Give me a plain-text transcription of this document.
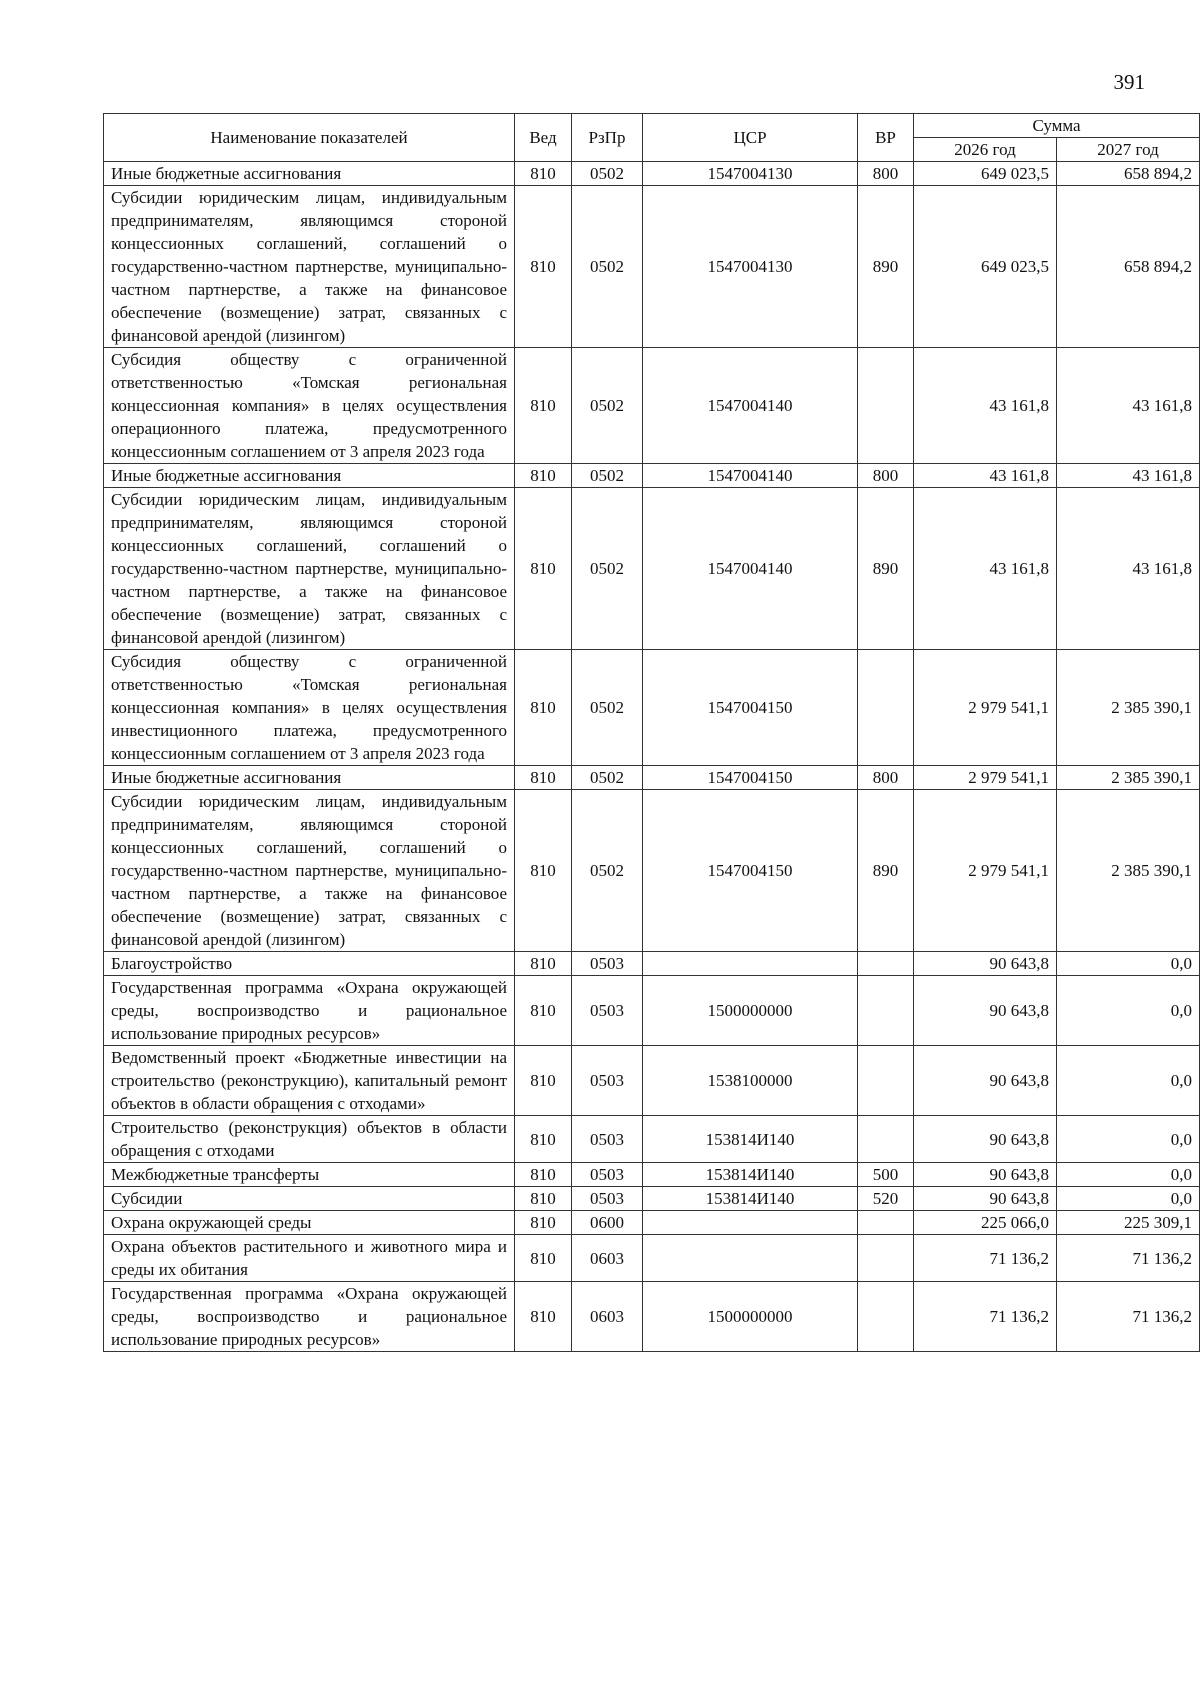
391
Наименование показателей	Вед	РзПр	ЦСР	ВР	Сумма	
					2026 год	2027 год
Иные бюджетные ассигнования	810	0502	1547004130	800	649 023,5	658 894,2
Субсидии юридическим лицам, индивидуальным предпринимателям, являющимся стороной концессионных соглашений, соглашений о государственно-частном партнерстве, муниципально-частном партнерстве, а также на финансовое обеспечение (возмещение) затрат, связанных с финансовой арендой (лизингом)	810	0502	1547004130	890	649 023,5	658 894,2
Субсидия обществу с ограниченной ответственностью «Томская региональная концессионная компания» в целях осуществления операционного платежа, предусмотренного концессионным соглашением от 3 апреля 2023 года	810	0502	1547004140		43 161,8	43 161,8
Иные бюджетные ассигнования	810	0502	1547004140	800	43 161,8	43 161,8
Субсидии юридическим лицам, индивидуальным предпринимателям, являющимся стороной концессионных соглашений, соглашений о государственно-частном партнерстве, муниципально-частном партнерстве, а также на финансовое обеспечение (возмещение) затрат, связанных с финансовой арендой (лизингом)	810	0502	1547004140	890	43 161,8	43 161,8
Субсидия обществу с ограниченной ответственностью «Томская региональная концессионная компания» в целях осуществления инвестиционного платежа, предусмотренного концессионным соглашением от 3 апреля 2023 года	810	0502	1547004150		2 979 541,1	2 385 390,1
Иные бюджетные ассигнования	810	0502	1547004150	800	2 979 541,1	2 385 390,1
Субсидии юридическим лицам, индивидуальным предпринимателям, являющимся стороной концессионных соглашений, соглашений о государственно-частном партнерстве, муниципально-частном партнерстве, а также на финансовое обеспечение (возмещение) затрат, связанных с финансовой арендой (лизингом)	810	0502	1547004150	890	2 979 541,1	2 385 390,1
Благоустройство	810	0503			90 643,8	0,0
Государственная программа «Охрана окружающей среды, воспроизводство и рациональное использование природных ресурсов»	810	0503	1500000000		90 643,8	0,0
Ведомственный проект «Бюджетные инвестиции на строительство (реконструкцию), капитальный ремонт объектов в области обращения с отходами»	810	0503	1538100000		90 643,8	0,0
Строительство (реконструкция) объектов в области обращения с отходами	810	0503	153814И140		90 643,8	0,0
Межбюджетные трансферты	810	0503	153814И140	500	90 643,8	0,0
Субсидии	810	0503	153814И140	520	90 643,8	0,0
Охрана окружающей среды	810	0600			225 066,0	225 309,1
Охрана объектов растительного и животного мира и среды их обитания	810	0603			71 136,2	71 136,2
Государственная программа «Охрана окружающей среды, воспроизводство и рациональное использование природных ресурсов»	810	0603	1500000000		71 136,2	71 136,2
